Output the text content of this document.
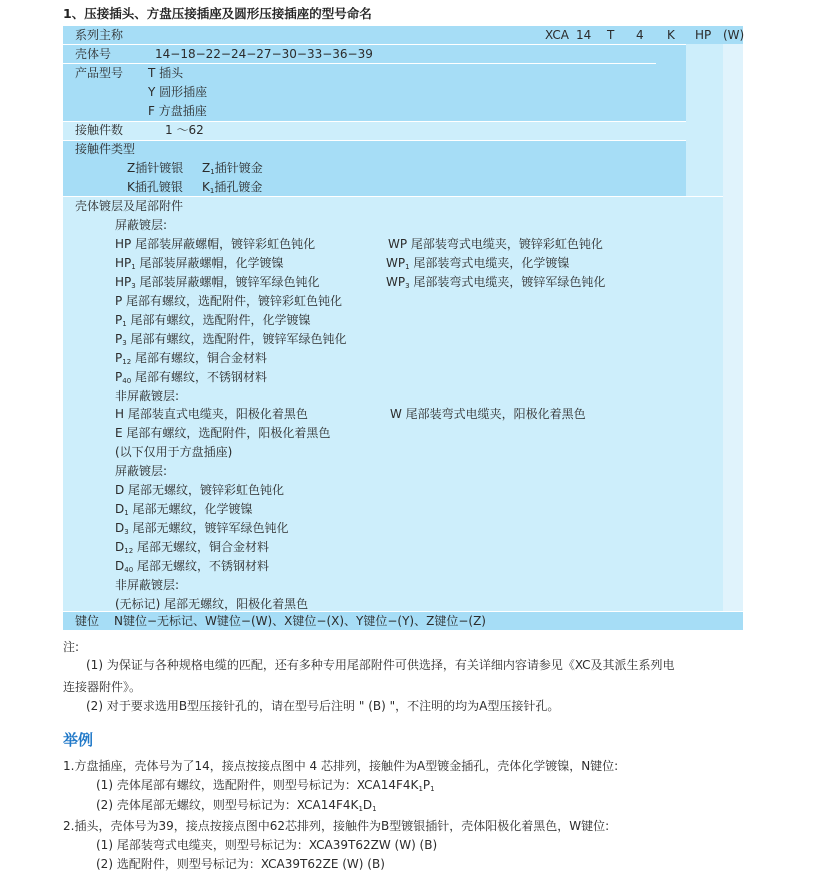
1、压接插头、方盘压接插座及圆形压接插座的型号命名
系列主称	XCA 14 T 4 K HP (W)
壳体号	14−18−22−24−27−30−33−36−39
产品型号 T 插头
Y 圆形插座
F 方盘插座
接触件数	1 ～62
接触件类型
Z插针镀银 $Z_1$插针镀金
K插孔镀银 $K_1$插孔镀金
壳体镀层及尾部附件
屏蔽镀层:
HP 尾部装屏蔽螺帽，镀锌彩虹色钝化	WP 尾部装弯式电缆夹，镀锌彩虹色钝化
$HP_1$ 尾部装屏蔽螺帽，化学镀镍	$WP_1$ 尾部装弯式电缆夹，化学镀镍
$HP_3$ 尾部装屏蔽螺帽，镀锌军绿色钝化	$WP_3$ 尾部装弯式电缆夹，镀锌军绿色钝化
P 尾部有螺纹，选配附件，镀锌彩虹色钝化
$P_1$ 尾部有螺纹，选配附件，化学镀镍
$P_3$ 尾部有螺纹，选配附件，镀锌军绿色钝化
$P_{12}$ 尾部有螺纹，铜合金材料
$P_{40}$ 尾部有螺纹，不锈钢材料
非屏蔽镀层:
H 尾部装直式电缆夹，阳极化着黑色	W 尾部装弯式电缆夹，阳极化着黑色
E 尾部有螺纹，选配附件，阳极化着黑色
(以下仅用于方盘插座)
屏蔽镀层:
D 尾部无螺纹，镀锌彩虹色钝化
$D_1$ 尾部无螺纹，化学镀镍
$D_3$ 尾部无螺纹，镀锌军绿色钝化
$D_{12}$ 尾部无螺纹，铜合金材料
$D_{40}$ 尾部无螺纹，不锈钢材料
非屏蔽镀层:
(无标记) 尾部无螺纹，阳极化着黑色
键位 N键位−无标记、W键位−(W)、X键位−(X)、Y键位−(Y)、Z键位−(Z)
注:
(1) 为保证与各种规格电缆的匹配，还有多种专用尾部附件可供选择，有关详细内容请参见《XC及其派生系列电
连接器附件》。
(2) 对于要求选用B型压接针孔的，请在型号后注明 " (B) "，不注明的均为A型压接针孔。
举例
1.方盘插座，壳体号为了14，接点按接点图中 4 芯排列，接触件为A型镀金插孔，壳体化学镀镍，N键位:
(1) 壳体尾部有螺纹，选配附件，则型号标记为：$XCA14F4K_1P_1$
(2) 壳体尾部无螺纹，则型号标记为：$XCA14F4K_1D_1$
2.插头，壳体号为39，接点按接点图中62芯排列，接触件为B型镀银插针，壳体阳极化着黑色，W键位:
(1) 尾部装弯式电缆夹，则型号标记为：XCA39T62ZW (W) (B)
(2) 选配附件，则型号标记为：XCA39T62ZE (W) (B)
